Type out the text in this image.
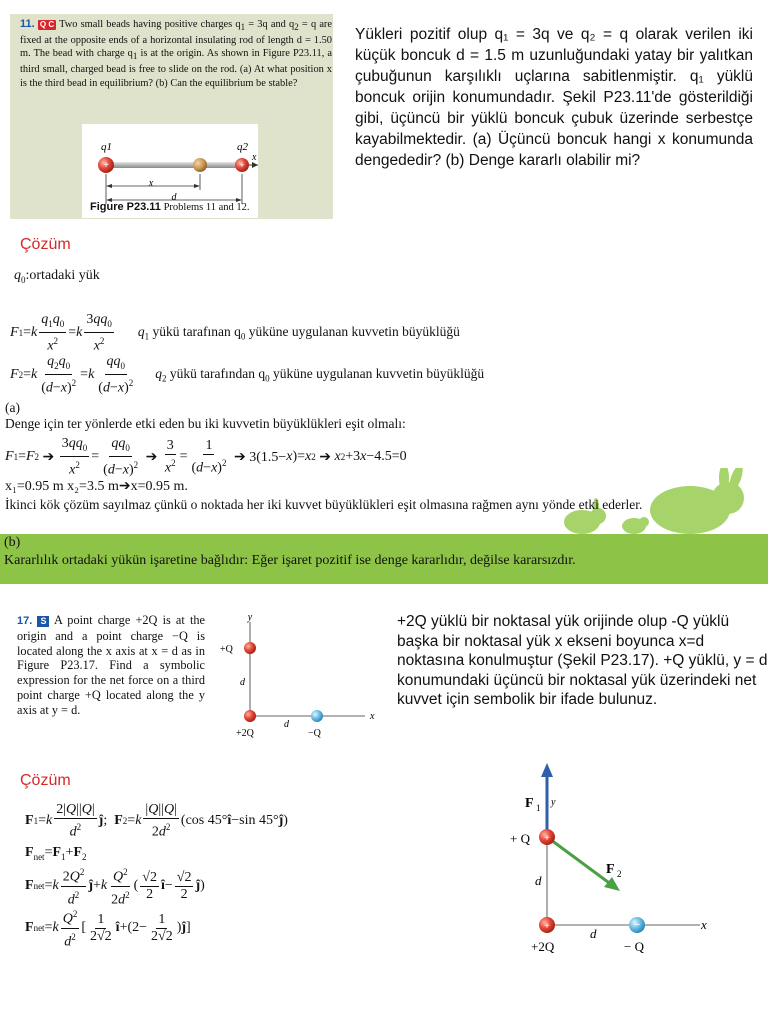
11. Q C Two small beads having positive charges $q_1 = 3q$ and $q_2 = q$ are fixed at the opposite ends of a horizontal insulating rod of length d = 1.50 m. The bead with charge $q_1$ is at the origin. As shown in Figure P23.11, a third small, charged bead is free to slide on the rod. (a) At what position x is the third bead in equilibrium? (b) Can the equilibrium be stable?
+	+
q1	q2
x
x
d
Figure P23.11 Problems 11 and 12.
Yükleri pozitif olup q₁ = 3q ve q₂ = q olarak verilen iki küçük boncuk d = 1.5 m uzunluğundaki yatay bir yalıtkan çubuğunun karşılıklı uçlarına sabitlenmiştir. q₁ yüklü boncuk orijin konumundadır. Şekil P23.11'de gösterildiği gibi, üçüncü bir yüklü boncuk çubuk üzerinde serbestçe kayabilmektedir. (a) Üçüncü boncuk hangi x konumunda dengededir? (b) Denge kararlı olabilir mi?
Çözüm
$q_0:ortadaki$ yük
F 1 = k $\frac{q_1q_0}{x^2} = k \frac{3qq_0}{x^2} q_1$ yükü tarafınan $q_0$ yüküne uygulanan kuvvetin büyüklüğü
F 2 = k $\frac{q_2q_0}{(d-x)^2} = k \frac{qq_0}{(d-x)^2} q_2$ yükü tarafından $q_0$ yüküne uygulanan kuvvetin büyüklüğü
(a)
Denge için ter yönlerde etki eden bu iki kuvvetin büyüklükleri eşit olmalı:
F 1 = F 2 ➔ $\frac{3qq_0}{x^2} = \frac{qq_0}{(d-x)^2}$ ➔ $\frac{3}{x^2} = \frac{1}{(d-x)^2}$ ➔ 3(1.5− x )= x 2 ➔ x 2 +3 x −4.5=0
x₁=0.95 m x₂=3.5 m➔x=0.95 m.
İkinci kök çözüm sayılmaz çünkü o noktada her iki kuvvet büyüklükleri eşit olmasına rağmen aynı yönde etki ederler.
(b)
Kararlılık ortadaki yükün işaretine bağlıdır: Eğer işaret pozitif ise denge kararlıdır, değilse kararsızdır.
17. S A point charge +2Q is at the origin and a point charge −Q is located along the x axis at x = d as in Figure P23.17. Find a symbolic expression for the net force on a third point charge +Q located along the y axis at y = d.
y
x
+Q
d
d
+2Q	−Q
+2Q yüklü bir noktasal yük orijinde olup -Q yüklü başka bir noktasal yük x ekseni boyunca x=d noktasına konulmuştur (Şekil P23.17). +Q yüklü, y = d konumundaki üçüncü bir noktasal yük üzerindeki net kuvvet için sembolik bir ifade bulunuz.
Çözüm
F 1 = k $\frac{2|Q||Q|}{d^2}$ ĵ ; F 2 = k $\frac{|Q||Q|}{2d^2} (\cos$ 45° î −sin 45° ĵ )
$F_{net}=F_1+F_2$
F net = k $\frac{2Q^2}{d^2}$ ĵ + k $\frac{Q^2}{2d^2}$ ( $\frac{√2}{2}$ î − $\frac{√2}{2}$ ĵ )
F net = k $\frac{Q^2}{d^2}$ [ $\frac{1}{2√2}$ î $+(2- \frac{1}{2√2}$ ) ĵ ]
+
+	−
F 1 y
F 2
+ Q
d
d
+2Q	− Q
x
